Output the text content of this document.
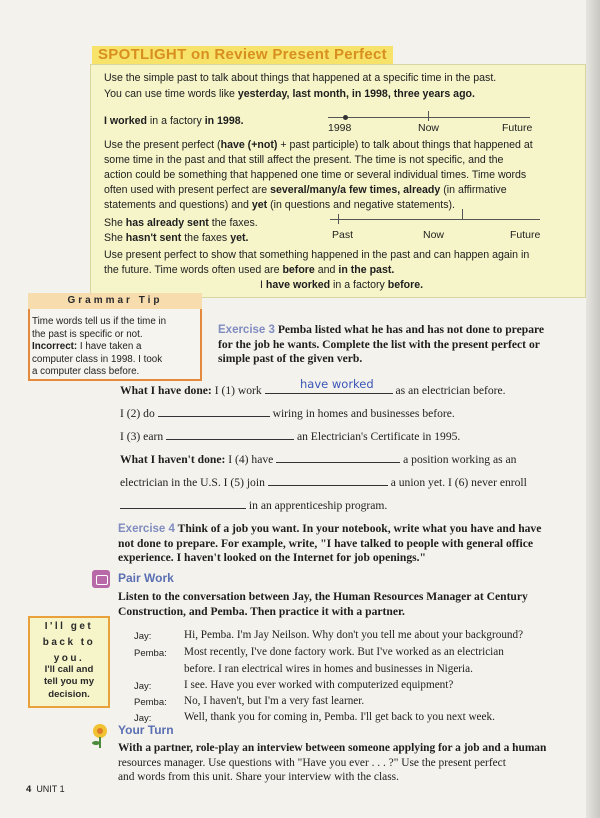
SPOTLIGHT on Review Present Perfect
Use the simple past to talk about things that happened at a specific time in the past.
You can use time words like yesterday, last month, in 1998, three years ago.
I worked in a factory in 1998.
1998	Now	Future
Use the present perfect (have (+not) + past participle) to talk about things that happened at
some time in the past and that still affect the present. The time is not specific, and the
action could be something that happened one time or several individual times. Time words
often used with present perfect are several/many/a few times, already (in affirmative
statements and questions) and yet (in questions and negative statements).
She has already sent the faxes.
She hasn't sent the faxes yet.	Past	Now	Future
Use present perfect to show that something happened in the past and can happen again in
the future. Time words often used are before and in the past.
I have worked in a factory before.
Grammar Tip
Time words tell us if the time in
the past is specific or not.
Incorrect: I have taken a
computer class in 1998. I took
a computer class before.
Exercise 3 Pemba listed what he has and has not done to prepare
for the job he wants. Complete the list with the present perfect or
simple past of the given verb.
What I have done: I (1) work	as an electrician before.
have worked
I (2) do	wiring in homes and businesses before.
I (3) earn	an Electrician's Certificate in 1995.
What I haven't done: I (4) have	a position working as an
electrician in the U.S. I (5) join	a union yet. I (6) never enroll
in an apprenticeship program.
Exercise 4 Think of a job you want. In your notebook, write what you have and have
not done to prepare. For example, write, "I have talked to people with general office
experience. I haven't looked on the Internet for job openings."
Pair Work
Listen to the conversation between Jay, the Human Resources Manager at Century
Construction, and Pemba. Then practice it with a partner.
Jay:	Hi, Pemba. I'm Jay Neilson. Why don't you tell me about your background?
Pemba: Most recently, I've done factory work. But I've worked as an electrician
before. I ran electrical wires in homes and businesses in Nigeria.
Jay:	I see. Have you ever worked with computerized equipment?
Pemba: No, I haven't, but I'm a very fast learner.
Jay:	Well, thank you for coming in, Pemba. I'll get back to you next week.
I'll get
back to
you.
I'll call and
tell you my
decision.
Your Turn
With a partner, role-play an interview between someone applying for a job and a human
resources manager. Use questions with "Have you ever . . . ?" Use the present perfect
and words from this unit. Share your interview with the class.
4 UNIT 1
